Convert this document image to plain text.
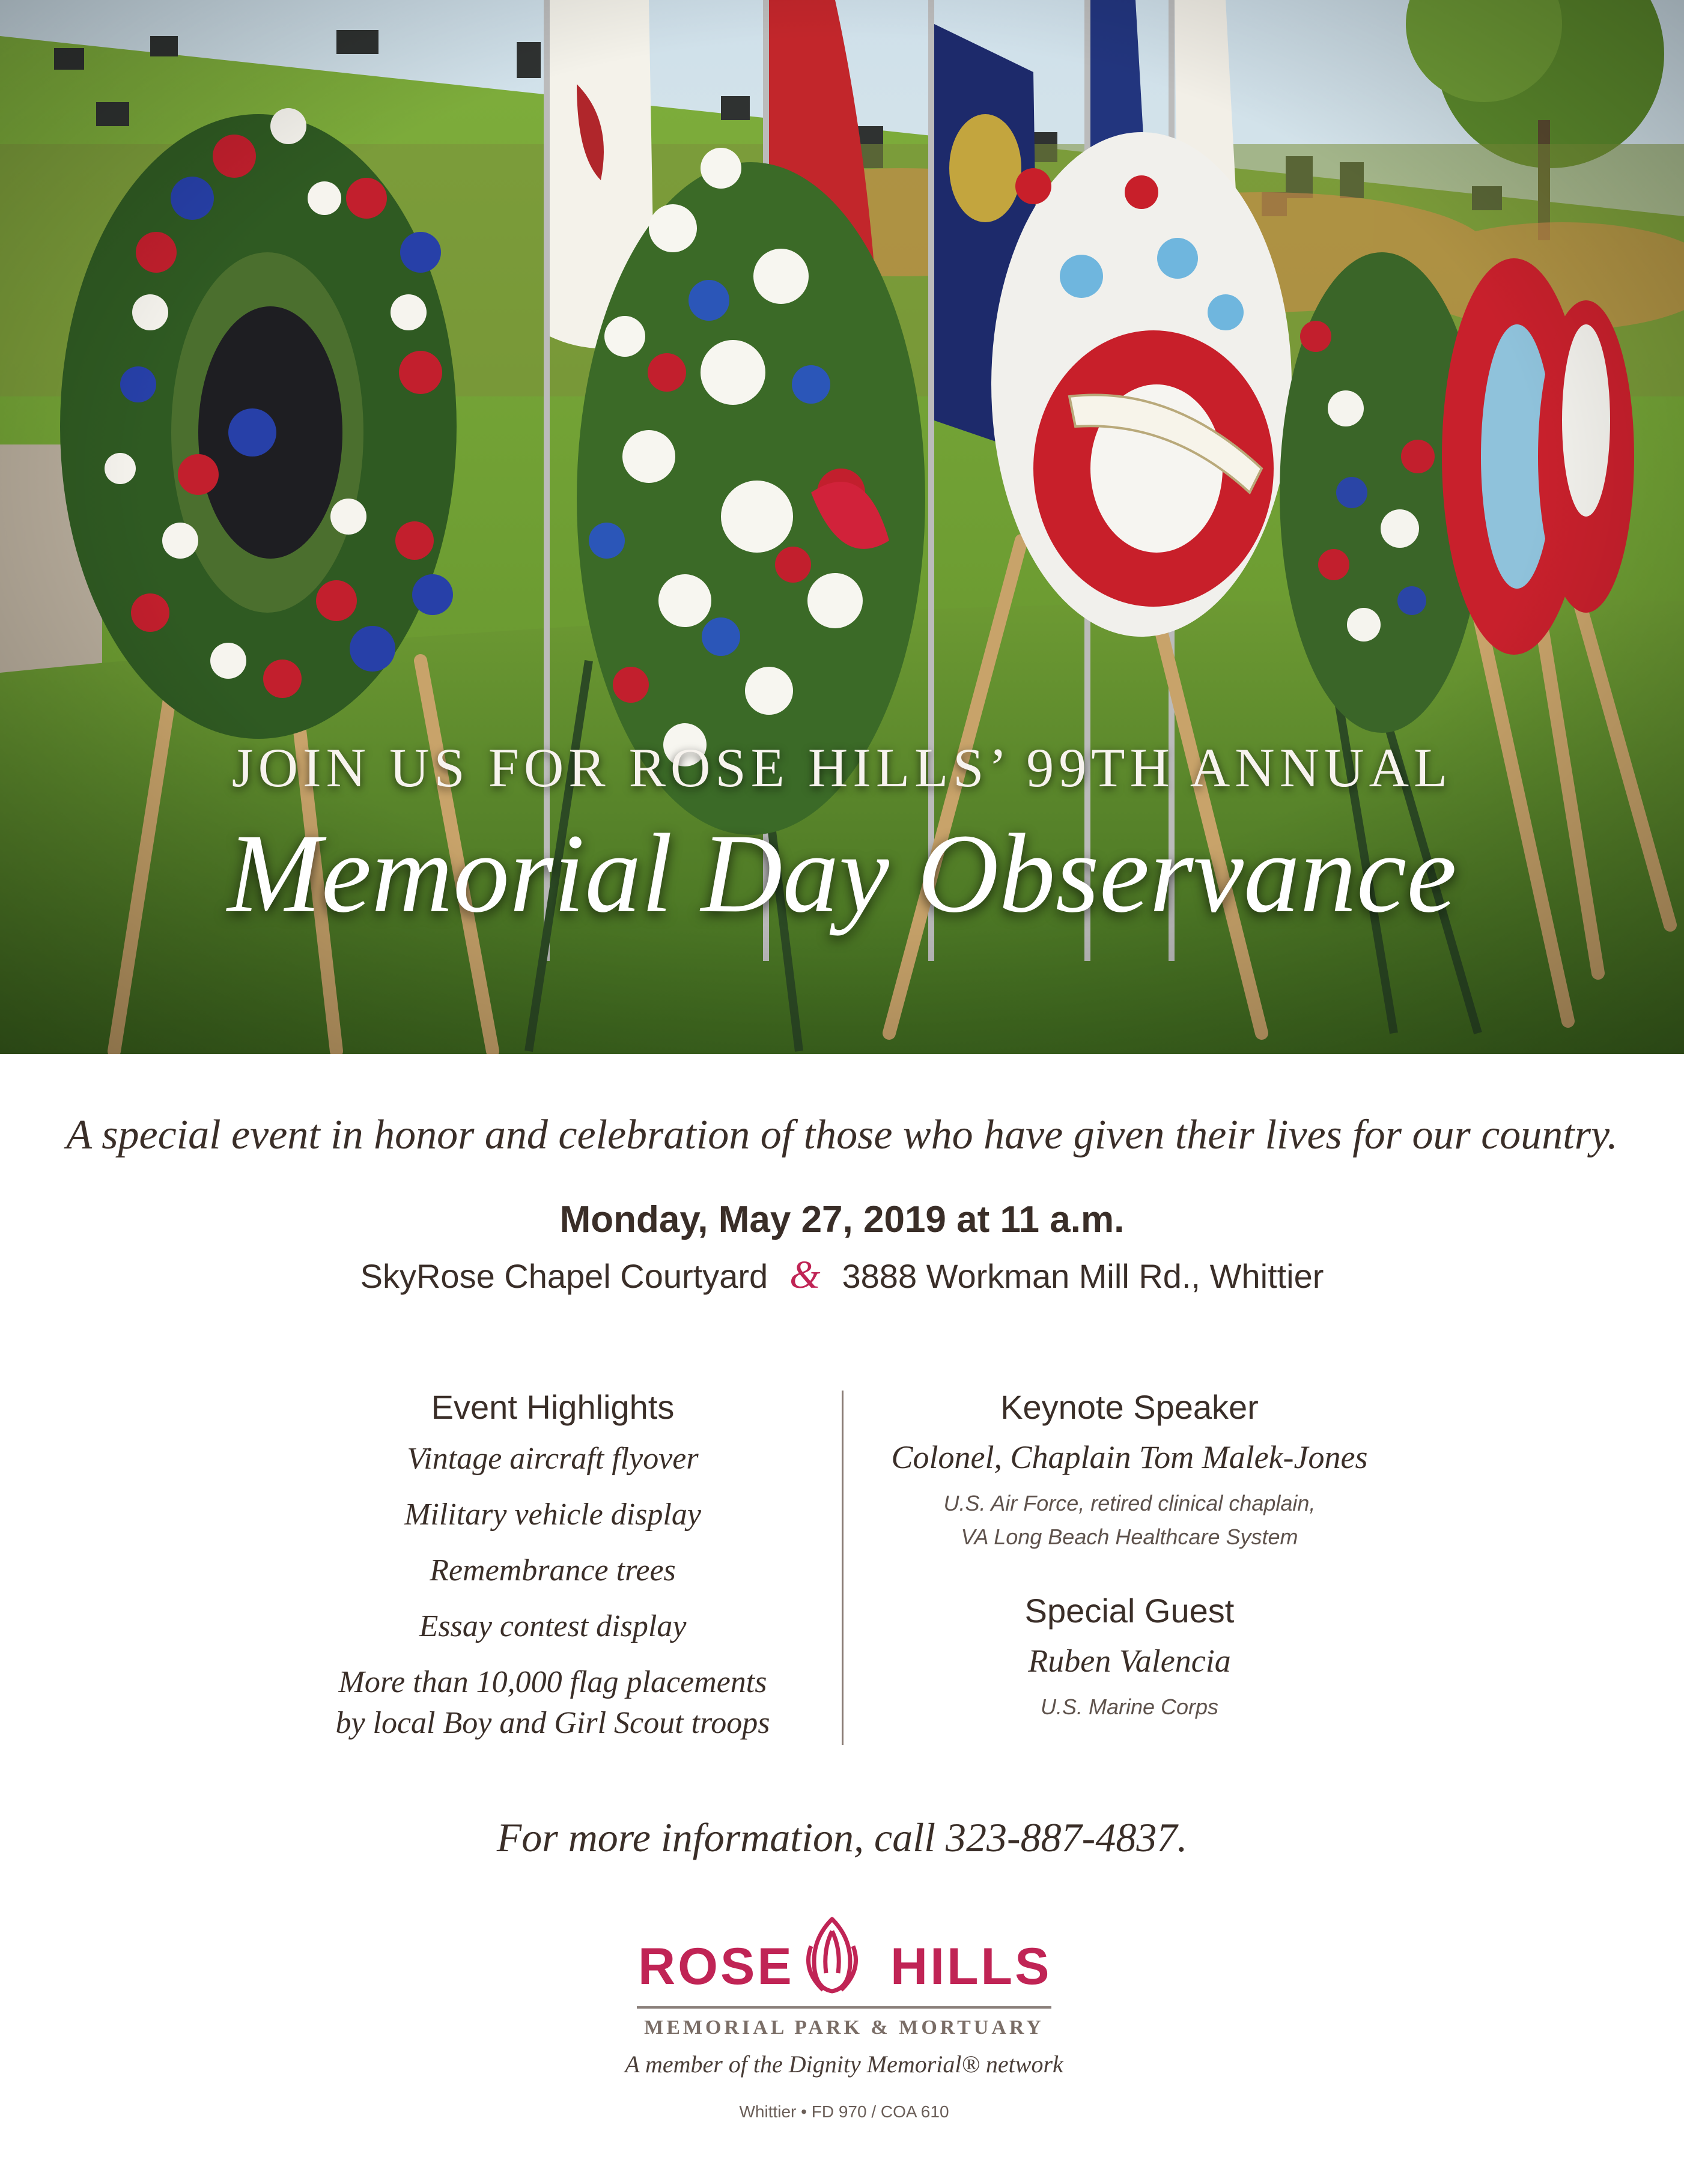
JOIN US FOR ROSE HILLS’ 99TH ANNUAL
Memorial Day Observance
A special event in honor and celebration of those who have given their lives for our country.
Monday, May 27, 2019 at 11 a.m.
SkyRose Chapel Courtyard & 3888 Workman Mill Rd., Whittier
Event Highlights
Vintage aircraft flyover
Military vehicle display
Remembrance trees
Essay contest display
More than 10,000 flag placements
by local Boy and Girl Scout troops
Keynote Speaker
Colonel, Chaplain Tom Malek-Jones
U.S. Air Force, retired clinical chaplain,
VA Long Beach Healthcare System
Special Guest
Ruben Valencia
U.S. Marine Corps
For more information, call 323-887-4837.
ROSE HILLS
MEMORIAL PARK & MORTUARY
A member of the Dignity Memorial® network
Whittier • FD 970 / COA 610
